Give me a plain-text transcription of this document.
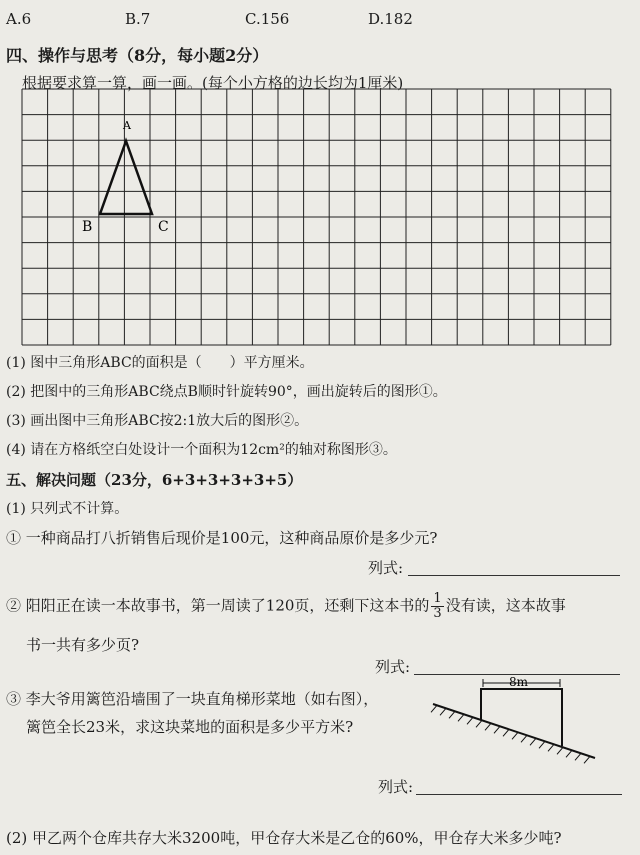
A.6	B.7	C.156	D.182
四、操作与思考（8分，每小题2分）
根据要求算一算，画一画。(每个小方格的边长均为1厘米)
A
B	C
(1) 图中三角形ABC的面积是（　　）平方厘米。
(2) 把图中的三角形ABC绕点B顺时针旋转90°，画出旋转后的图形①。
(3) 画出图中三角形ABC按2:1放大后的图形②。
(4) 请在方格纸空白处设计一个面积为12cm²的轴对称图形③。
五、解决问题（23分，6+3+3+3+3+5）
(1) 只列式不计算。
① 一种商品打八折销售后现价是100元，这种商品原价是多少元?
列式:
② 阳阳正在读一本故事书，第一周读了120页，还剩下这本书的 $\frac{1}{3}$ 没有读，这本故事
书一共有多少页?
列式:
③ 李大爷用篱笆沿墙围了一块直角梯形菜地（如右图），
篱笆全长23米，求这块菜地的面积是多少平方米?
8m
列式:
(2) 甲乙两个仓库共存大米3200吨，甲仓存大米是乙仓的60%，甲仓存大米多少吨?
